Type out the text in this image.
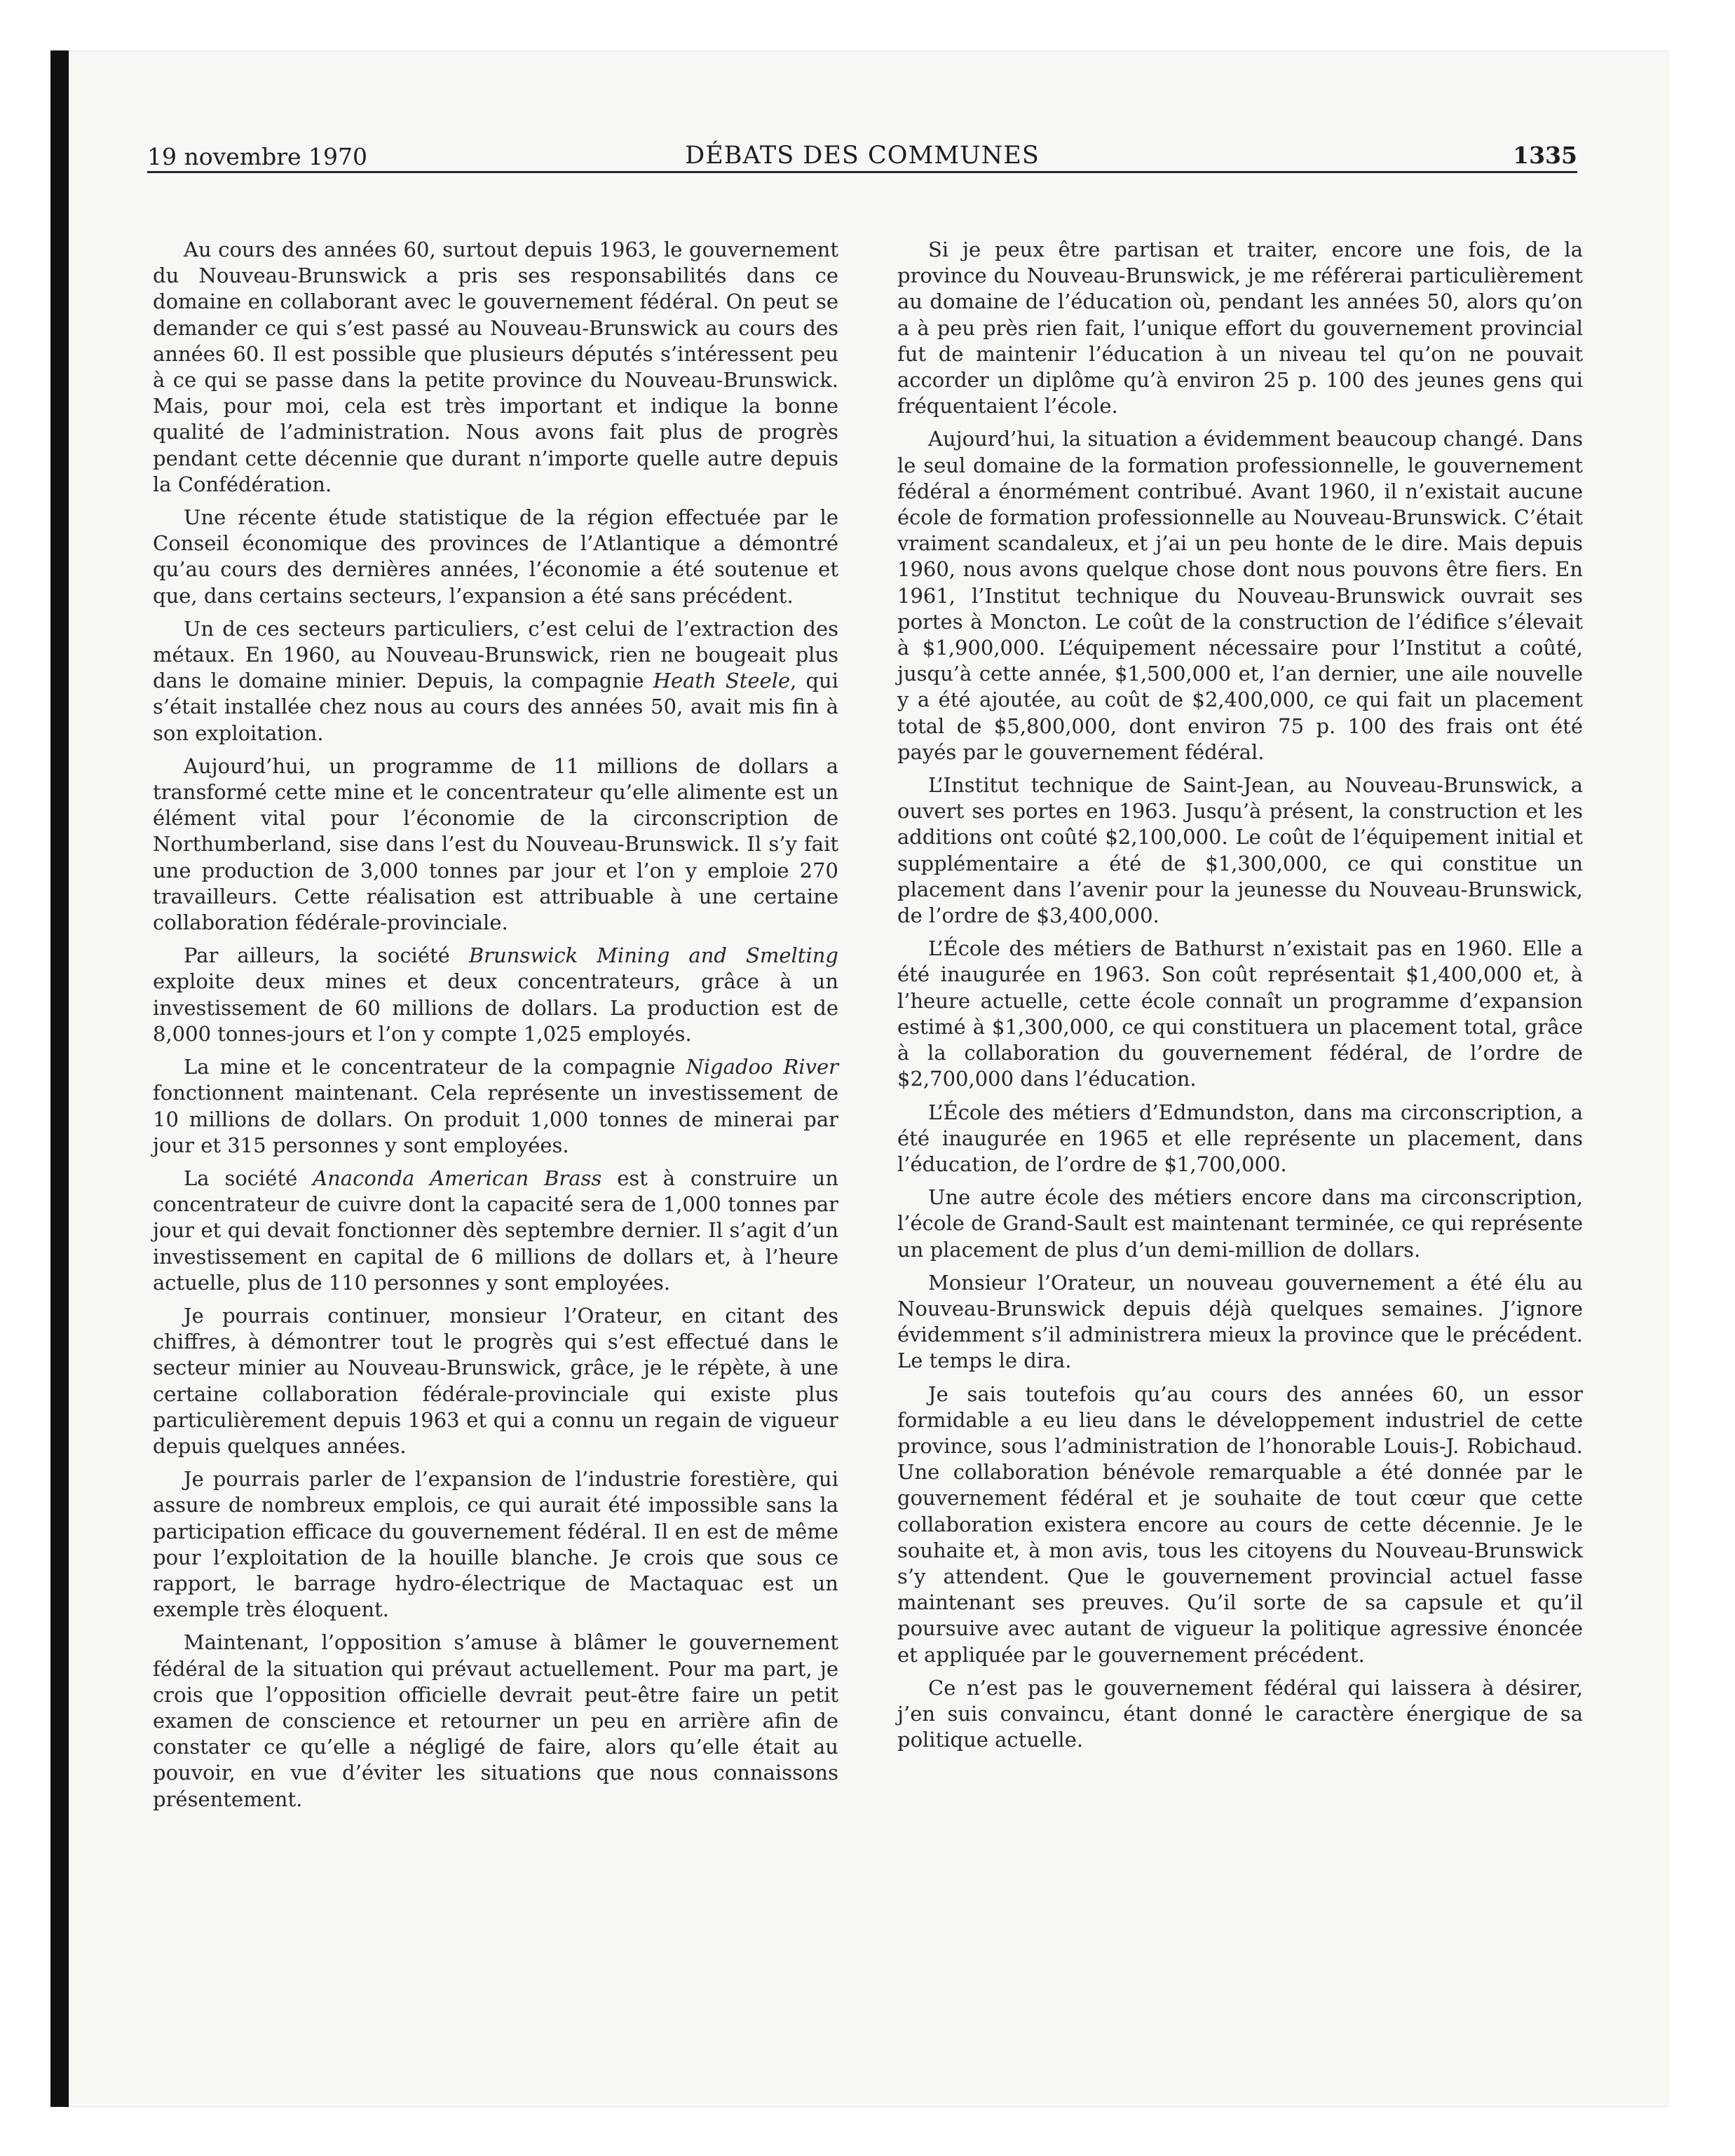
19 novembre 1970	DÉBATS DES COMMUNES	1335

Au cours des années 60, surtout depuis 1963, le gouvernement du Nouveau-Brunswick a pris ses responsabilités dans ce domaine en collaborant avec le gouvernement fédéral. On peut se demander ce qui s’est passé au Nouveau-Brunswick au cours des années 60. Il est possible que plusieurs députés s’intéressent peu à ce qui se passe dans la petite province du Nouveau-Brunswick. Mais, pour moi, cela est très important et indique la bonne qualité de l’administration. Nous avons fait plus de progrès pendant cette décennie que durant n’importe quelle autre depuis la Confédération.

Une récente étude statistique de la région effectuée par le Conseil économique des provinces de l’Atlantique a démontré qu’au cours des dernières années, l’économie a été soutenue et que, dans certains secteurs, l’expansion a été sans précédent.

Un de ces secteurs particuliers, c’est celui de l’extraction des métaux. En 1960, au Nouveau-Brunswick, rien ne bougeait plus dans le domaine minier. Depuis, la compagnie Heath Steele, qui s’était installée chez nous au cours des années 50, avait mis fin à son exploitation.

Aujourd’hui, un programme de 11 millions de dollars a transformé cette mine et le concentrateur qu’elle alimente est un élément vital pour l’économie de la circonscription de Northumberland, sise dans l’est du Nouveau-Brunswick. Il s’y fait une production de 3,000 tonnes par jour et l’on y emploie 270 travailleurs. Cette réalisation est attribuable à une certaine collaboration fédérale-provinciale.

Par ailleurs, la société Brunswick Mining and Smelting exploite deux mines et deux concentrateurs, grâce à un investissement de 60 millions de dollars. La production est de 8,000 tonnes-jours et l’on y compte 1,025 employés.

La mine et le concentrateur de la compagnie Nigadoo River fonctionnent maintenant. Cela représente un investissement de 10 millions de dollars. On produit 1,000 tonnes de minerai par jour et 315 personnes y sont employées.

La société Anaconda American Brass est à construire un concentrateur de cuivre dont la capacité sera de 1,000 tonnes par jour et qui devait fonctionner dès septembre dernier. Il s’agit d’un investissement en capital de 6 millions de dollars et, à l’heure actuelle, plus de 110 personnes y sont employées.

Je pourrais continuer, monsieur l’Orateur, en citant des chiffres, à démontrer tout le progrès qui s’est effectué dans le secteur minier au Nouveau-Brunswick, grâce, je le répète, à une certaine collaboration fédérale-provinciale qui existe plus particulièrement depuis 1963 et qui a connu un regain de vigueur depuis quelques années.

Je pourrais parler de l’expansion de l’industrie forestière, qui assure de nombreux emplois, ce qui aurait été impossible sans la participation efficace du gouvernement fédéral. Il en est de même pour l’exploitation de la houille blanche. Je crois que sous ce rapport, le barrage hydro-électrique de Mactaquac est un exemple très éloquent.

Maintenant, l’opposition s’amuse à blâmer le gouvernement fédéral de la situation qui prévaut actuellement. Pour ma part, je crois que l’opposition officielle devrait peut-être faire un petit examen de conscience et retourner un peu en arrière afin de constater ce qu’elle a négligé de faire, alors qu’elle était au pouvoir, en vue d’éviter les situations que nous connaissons présentement.

Si je peux être partisan et traiter, encore une fois, de la province du Nouveau-Brunswick, je me référerai particulièrement au domaine de l’éducation où, pendant les années 50, alors qu’on a à peu près rien fait, l’unique effort du gouvernement provincial fut de maintenir l’éducation à un niveau tel qu’on ne pouvait accorder un diplôme qu’à environ 25 p. 100 des jeunes gens qui fréquentaient l’école.

Aujourd’hui, la situation a évidemment beaucoup changé. Dans le seul domaine de la formation professionnelle, le gouvernement fédéral a énormément contribué. Avant 1960, il n’existait aucune école de formation professionnelle au Nouveau-Brunswick. C’était vraiment scandaleux, et j’ai un peu honte de le dire. Mais depuis 1960, nous avons quelque chose dont nous pouvons être fiers. En 1961, l’Institut technique du Nouveau-Brunswick ouvrait ses portes à Moncton. Le coût de la construction de l’édifice s’élevait à $1,900,000. L’équipement nécessaire pour l’Institut a coûté, jusqu’à cette année, $1,500,000 et, l’an dernier, une aile nouvelle y a été ajoutée, au coût de $2,400,000, ce qui fait un placement total de $5,800,000, dont environ 75 p. 100 des frais ont été payés par le gouvernement fédéral.

L’Institut technique de Saint-Jean, au Nouveau-Brunswick, a ouvert ses portes en 1963. Jusqu’à présent, la construction et les additions ont coûté $2,100,000. Le coût de l’équipement initial et supplémentaire a été de $1,300,000, ce qui constitue un placement dans l’avenir pour la jeunesse du Nouveau-Brunswick, de l’ordre de $3,400,000.

L’École des métiers de Bathurst n’existait pas en 1960. Elle a été inaugurée en 1963. Son coût représentait $1,400,000 et, à l’heure actuelle, cette école connaît un programme d’expansion estimé à $1,300,000, ce qui constituera un placement total, grâce à la collaboration du gouvernement fédéral, de l’ordre de $2,700,000 dans l’éducation.

L’École des métiers d’Edmundston, dans ma circonscription, a été inaugurée en 1965 et elle représente un placement, dans l’éducation, de l’ordre de $1,700,000.

Une autre école des métiers encore dans ma circonscription, l’école de Grand-Sault est maintenant terminée, ce qui représente un placement de plus d’un demi-million de dollars.

Monsieur l’Orateur, un nouveau gouvernement a été élu au Nouveau-Brunswick depuis déjà quelques semaines. J’ignore évidemment s’il administrera mieux la province que le précédent. Le temps le dira.

Je sais toutefois qu’au cours des années 60, un essor formidable a eu lieu dans le développement industriel de cette province, sous l’administration de l’honorable Louis-J. Robichaud. Une collaboration bénévole remarquable a été donnée par le gouvernement fédéral et je souhaite de tout cœur que cette collaboration existera encore au cours de cette décennie. Je le souhaite et, à mon avis, tous les citoyens du Nouveau-Brunswick s’y attendent. Que le gouvernement provincial actuel fasse maintenant ses preuves. Qu’il sorte de sa capsule et qu’il poursuive avec autant de vigueur la politique agressive énoncée et appliquée par le gouvernement précédent.

Ce n’est pas le gouvernement fédéral qui laissera à désirer, j’en suis convaincu, étant donné le caractère énergique de sa politique actuelle.
